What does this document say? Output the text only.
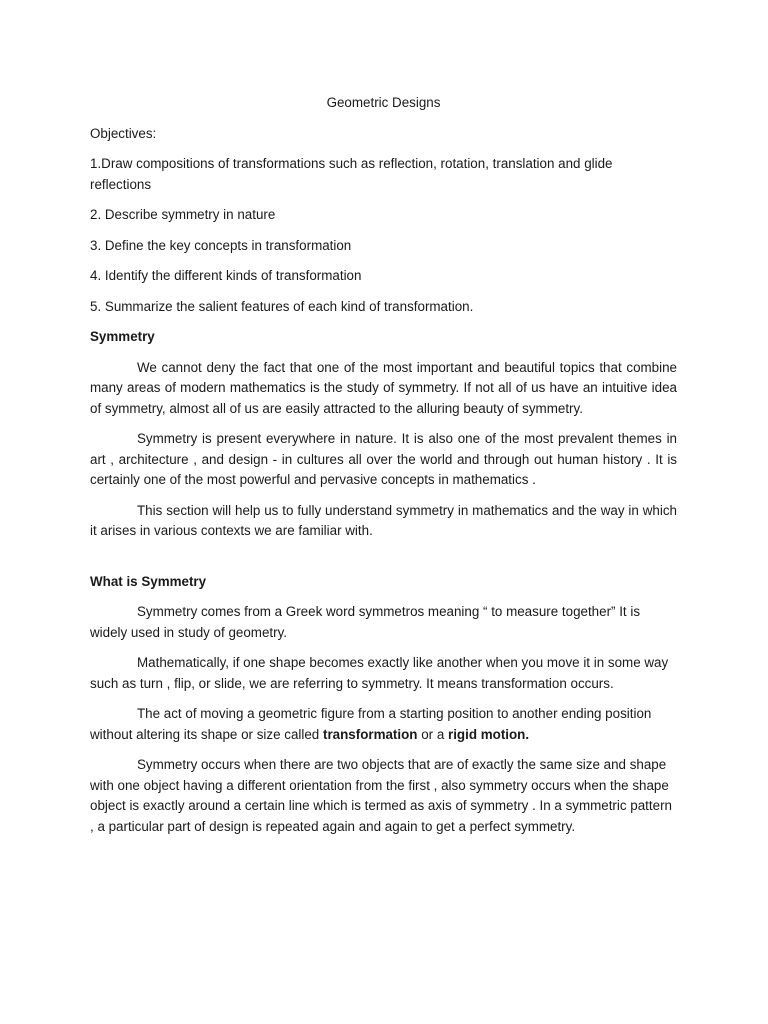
Geometric Designs
Objectives:
1.Draw compositions of transformations such as reflection, rotation, translation and glide reflections
2. Describe symmetry in nature
3. Define the key concepts in transformation
4. Identify the different kinds of transformation
5. Summarize the salient features of each kind of transformation.
Symmetry
We cannot deny the fact that one of the most important and beautiful topics that combine many areas of modern mathematics is the study of symmetry. If not all of us have an intuitive idea of symmetry, almost all of us are easily attracted to the alluring beauty of symmetry.
Symmetry is present everywhere in nature. It is also one of the most prevalent themes in art , architecture , and design - in cultures all over the world and through out human history . It is certainly one of the most powerful and pervasive concepts in mathematics .
This section will help us to fully understand symmetry in mathematics and the way in which it arises in various contexts we are familiar with.
What is Symmetry
Symmetry comes from a Greek word symmetros meaning “ to measure together” It is widely used in study of geometry.
Mathematically, if one shape becomes exactly like another when you move it in some way such as turn , flip, or slide, we are referring to symmetry. It means transformation occurs.
The act of moving a geometric figure from a starting position to another ending position without altering its shape or size called transformation or a rigid motion.
Symmetry occurs when there are two objects that are of exactly the same size and shape with one object having a different orientation from the first , also symmetry occurs when the shape object is exactly around a certain line which is termed as axis of symmetry . In a symmetric pattern , a particular part of design is repeated again and again to get a perfect symmetry.
